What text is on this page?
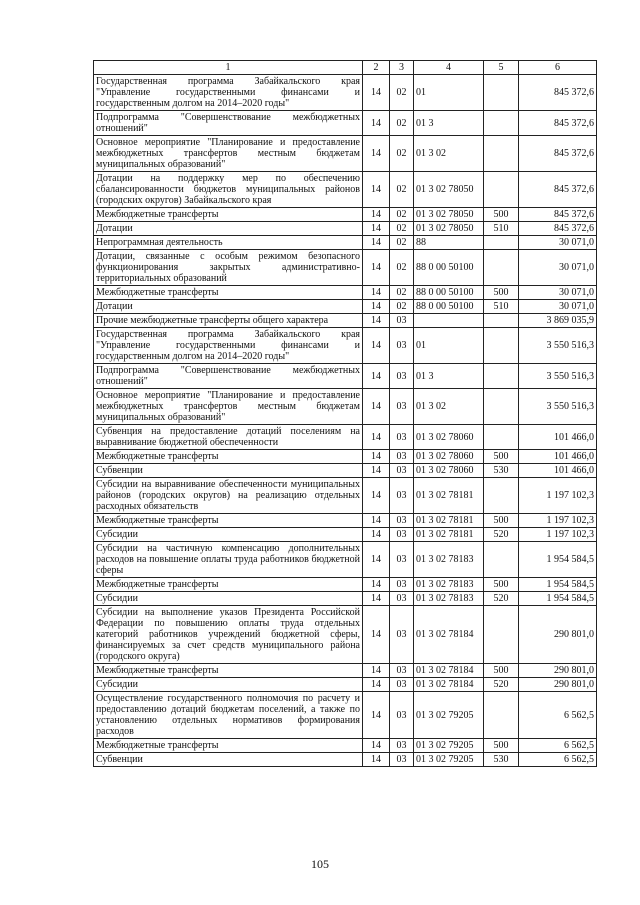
1	2	3	4	5	6
Государственная программа Забайкальского края "Управление государственными финансами и государственным долгом на 2014–2020 годы"	14	02	01		845 372,6
Подпрограмма "Совершенствование межбюджетных отношений"	14	02	01 3		845 372,6
Основное мероприятие "Планирование и предоставление межбюджетных трансфертов местным бюджетам муниципальных образований"	14	02	01 3 02		845 372,6
Дотации на поддержку мер по обеспечению сбалансированности бюджетов муниципальных районов (городских округов) Забайкальского края	14	02	01 3 02 78050		845 372,6
Межбюджетные трансферты	14	02	01 3 02 78050	500	845 372,6
Дотации	14	02	01 3 02 78050	510	845 372,6
Непрограммная деятельность	14	02	88		30 071,0
Дотации, связанные с особым режимом безопасного функционирования закрытых административно-территориальных образований	14	02	88 0 00 50100		30 071,0
Межбюджетные трансферты	14	02	88 0 00 50100	500	30 071,0
Дотации	14	02	88 0 00 50100	510	30 071,0
Прочие межбюджетные трансферты общего характера	14	03			3 869 035,9
Государственная программа Забайкальского края "Управление государственными финансами и государственным долгом на 2014–2020 годы"	14	03	01		3 550 516,3
Подпрограмма "Совершенствование межбюджетных отношений"	14	03	01 3		3 550 516,3
Основное мероприятие "Планирование и предоставление межбюджетных трансфертов местным бюджетам муниципальных образований"	14	03	01 3 02		3 550 516,3
Субвенция на предоставление дотаций поселениям на выравнивание бюджетной обеспеченности	14	03	01 3 02 78060		101 466,0
Межбюджетные трансферты	14	03	01 3 02 78060	500	101 466,0
Субвенции	14	03	01 3 02 78060	530	101 466,0
Субсидии на выравнивание обеспеченности муниципальных районов (городских округов) на реализацию отдельных расходных обязательств	14	03	01 3 02 78181		1 197 102,3
Межбюджетные трансферты	14	03	01 3 02 78181	500	1 197 102,3
Субсидии	14	03	01 3 02 78181	520	1 197 102,3
Субсидии на частичную компенсацию дополнительных расходов на повышение оплаты труда работников бюджетной сферы	14	03	01 3 02 78183		1 954 584,5
Межбюджетные трансферты	14	03	01 3 02 78183	500	1 954 584,5
Субсидии	14	03	01 3 02 78183	520	1 954 584,5
Субсидии на выполнение указов Президента Российской Федерации по повышению оплаты труда отдельных категорий работников учреждений бюджетной сферы, финансируемых за счет средств муниципального района (городского округа)	14	03	01 3 02 78184		290 801,0
Межбюджетные трансферты	14	03	01 3 02 78184	500	290 801,0
Субсидии	14	03	01 3 02 78184	520	290 801,0
Осуществление государственного полномочия по расчету и предоставлению дотаций бюджетам поселений, а также по установлению отдельных нормативов формирования расходов	14	03	01 3 02 79205		6 562,5
Межбюджетные трансферты	14	03	01 3 02 79205	500	6 562,5
Субвенции	14	03	01 3 02 79205	530	6 562,5
105
